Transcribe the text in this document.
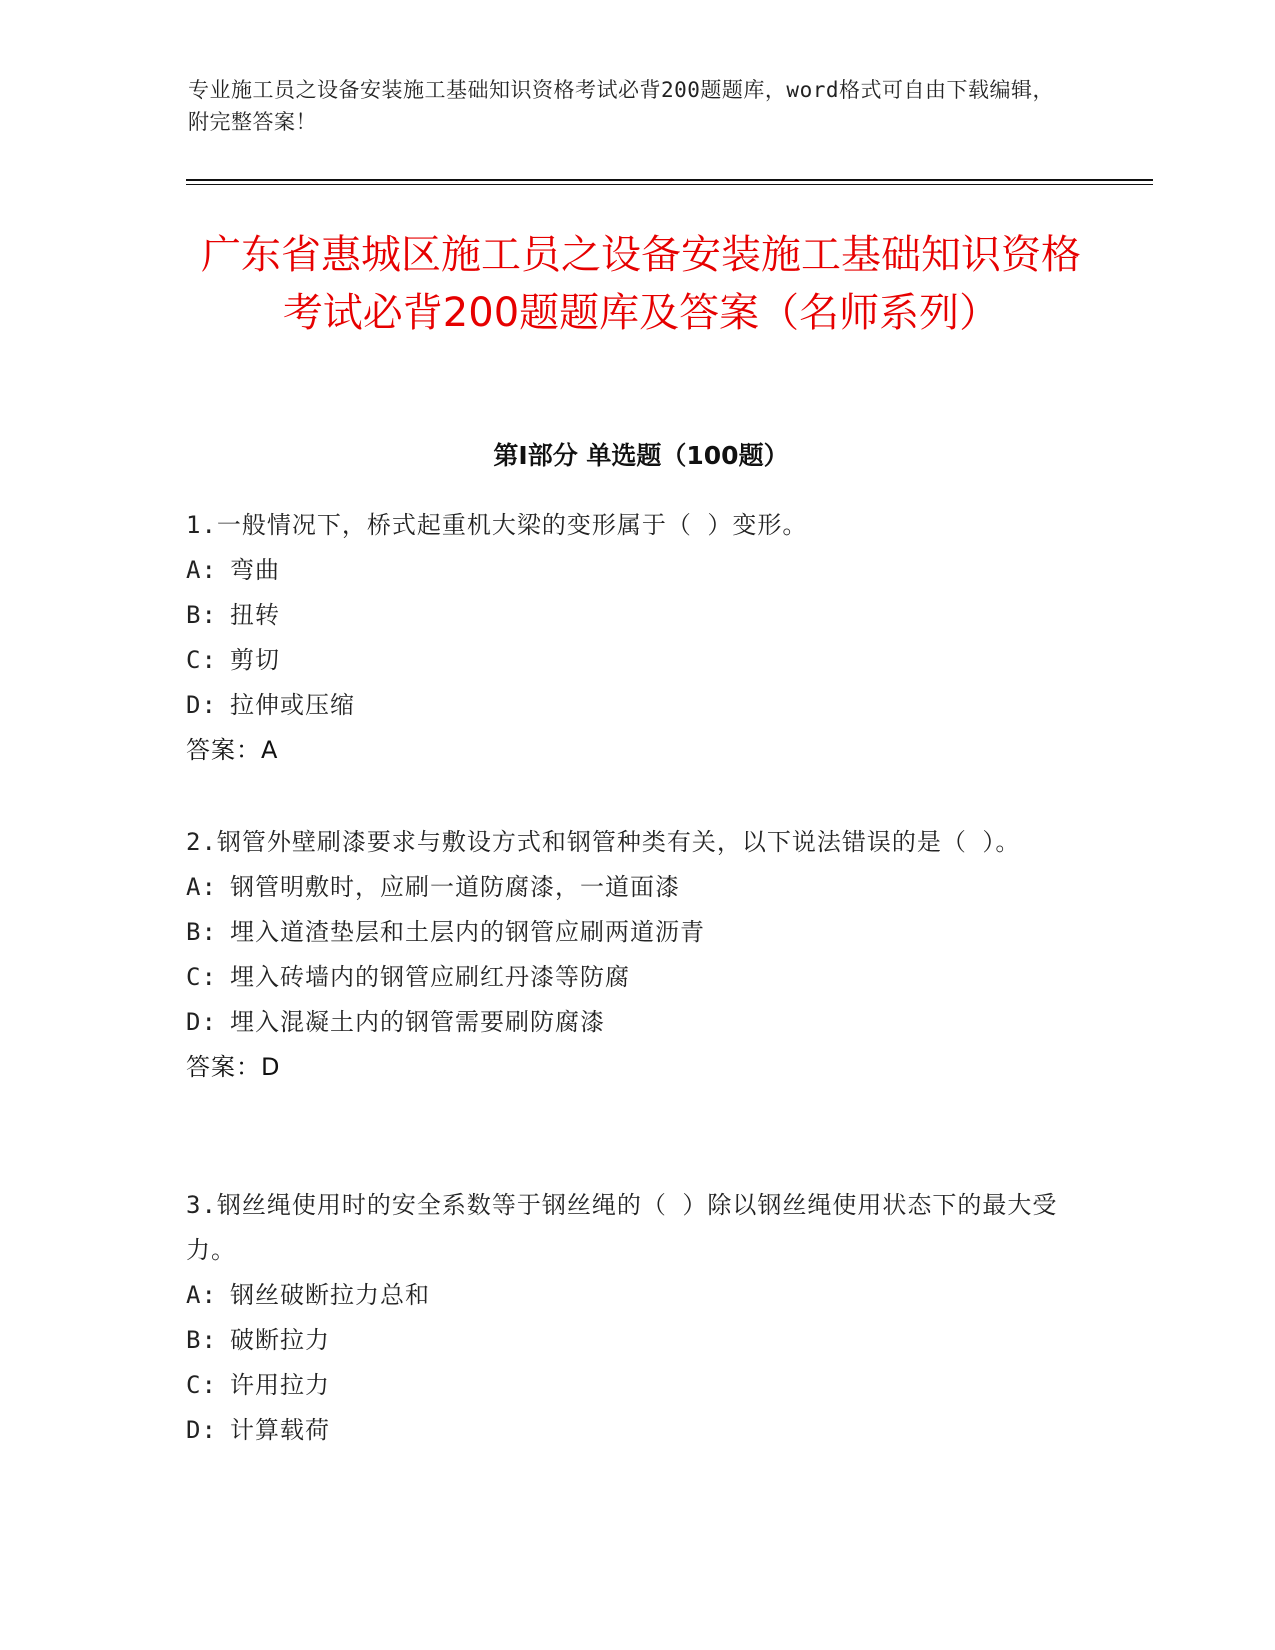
专业施工员之设备安装施工基础知识资格考试必背200题题库，word格式可自由下载编辑，附完整答案！
广东省惠城区施工员之设备安装施工基础知识资格考试必背200题题库及答案（名师系列）
第Ⅰ部分 单选题（100题）

1.一般情况下，桥式起重机大梁的变形属于（ ）变形。

A: 弯曲

B: 扭转

C: 剪切

D: 拉伸或压缩

答案：A

2.钢管外壁刷漆要求与敷设方式和钢管种类有关，以下说法错误的是（ ）。

A: 钢管明敷时，应刷一道防腐漆，一道面漆

B: 埋入道渣垫层和土层内的钢管应刷两道沥青

C: 埋入砖墙内的钢管应刷红丹漆等防腐

D: 埋入混凝土内的钢管需要刷防腐漆

答案：D

3.钢丝绳使用时的安全系数等于钢丝绳的（ ）除以钢丝绳使用状态下的最大受力。

A: 钢丝破断拉力总和

B: 破断拉力

C: 许用拉力

D: 计算载荷
